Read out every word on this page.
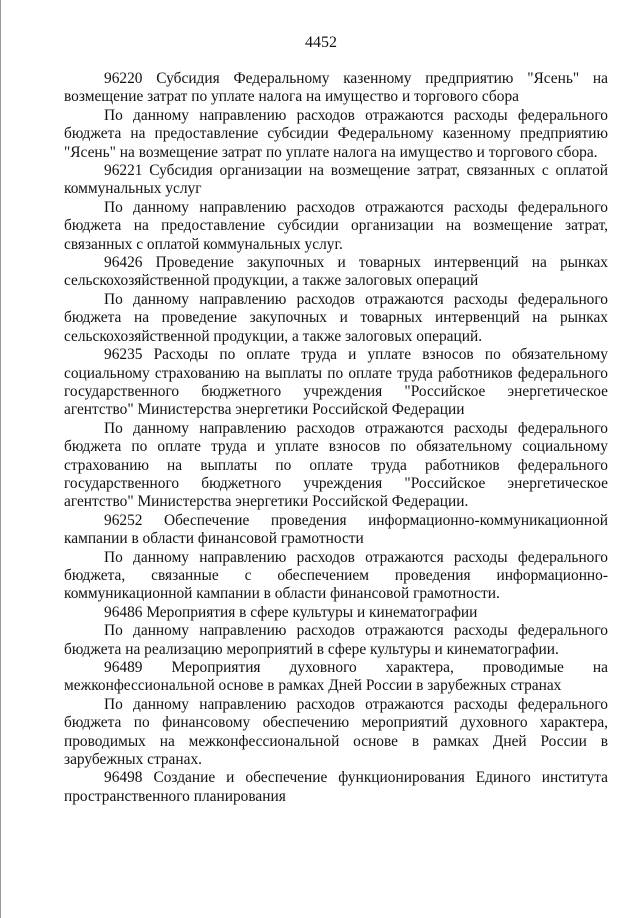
4452

96220 Субсидия Федеральному казенному предприятию "Ясень" на возмещение затрат по уплате налога на имущество и торгового сбора

По данному направлению расходов отражаются расходы федерального бюджета на предоставление субсидии Федеральному казенному предприятию "Ясень" на возмещение затрат по уплате налога на имущество и торгового сбора.

96221 Субсидия организации на возмещение затрат, связанных с оплатой коммунальных услуг

По данному направлению расходов отражаются расходы федерального бюджета на предоставление субсидии организации на возмещение затрат, связанных с оплатой коммунальных услуг.

96426 Проведение закупочных и товарных интервенций на рынках сельскохозяйственной продукции, а также залоговых операций

По данному направлению расходов отражаются расходы федерального бюджета на проведение закупочных и товарных интервенций на рынках сельскохозяйственной продукции, а также залоговых операций.

96235 Расходы по оплате труда и уплате взносов по обязательному социальному страхованию на выплаты по оплате труда работников федерального государственного бюджетного учреждения "Российское энергетическое агентство" Министерства энергетики Российской Федерации

По данному направлению расходов отражаются расходы федерального бюджета по оплате труда и уплате взносов по обязательному социальному страхованию на выплаты по оплате труда работников федерального государственного бюджетного учреждения "Российское энергетическое агентство" Министерства энергетики Российской Федерации.

96252 Обеспечение проведения информационно-коммуникационной кампании в области финансовой грамотности

По данному направлению расходов отражаются расходы федерального бюджета, связанные с обеспечением проведения информационно-коммуникационной кампании в области финансовой грамотности.

96486 Мероприятия в сфере культуры и кинематографии

По данному направлению расходов отражаются расходы федерального бюджета на реализацию мероприятий в сфере культуры и кинематографии.

96489 Мероприятия духовного характера, проводимые на межконфессиональной основе в рамках Дней России в зарубежных странах

По данному направлению расходов отражаются расходы федерального бюджета по финансовому обеспечению мероприятий духовного характера, проводимых на межконфессиональной основе в рамках Дней России в зарубежных странах.

96498 Создание и обеспечение функционирования Единого института пространственного планирования
